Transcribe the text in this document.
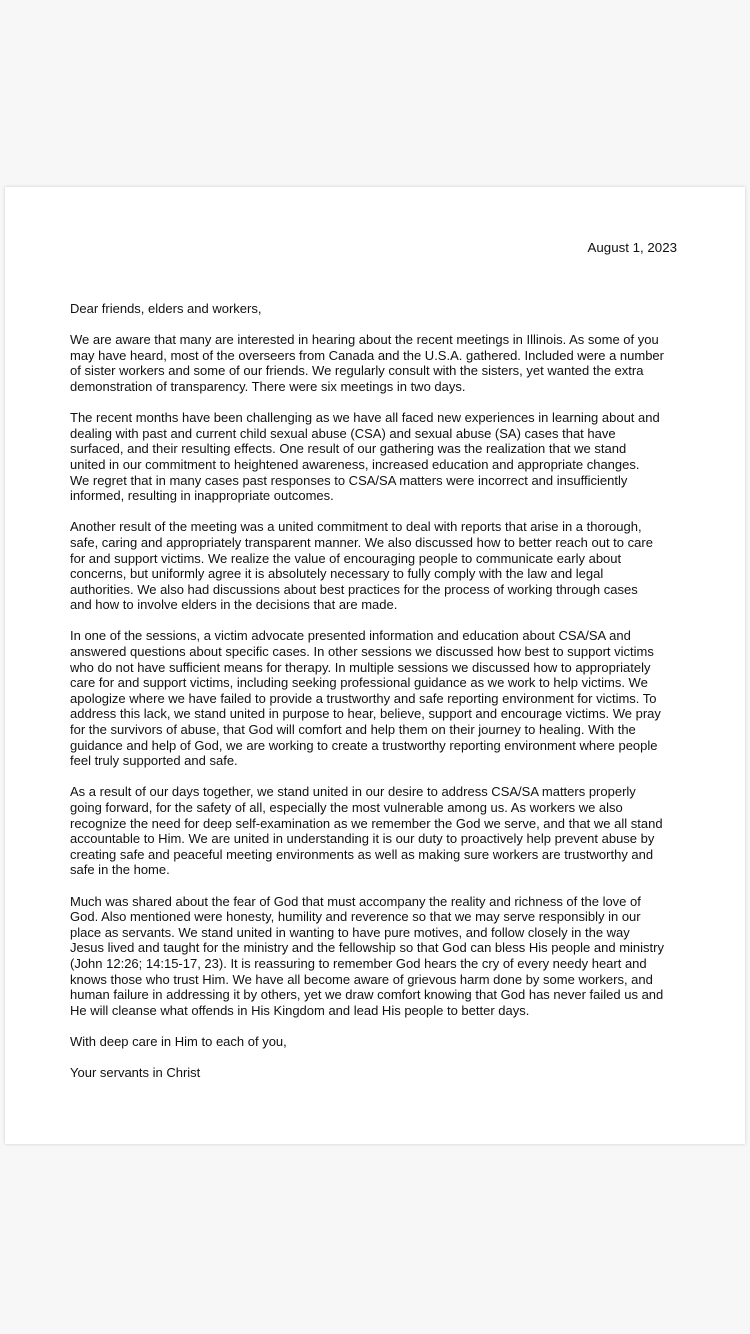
August 1, 2023

Dear friends, elders and workers,

We are aware that many are interested in hearing about the recent meetings in Illinois. As some of you

may have heard, most of the overseers from Canada and the U.S.A. gathered. Included were a number

of sister workers and some of our friends. We regularly consult with the sisters, yet wanted the extra

demonstration of transparency. There were six meetings in two days.

The recent months have been challenging as we have all faced new experiences in learning about and

dealing with past and current child sexual abuse (CSA) and sexual abuse (SA) cases that have

surfaced, and their resulting effects. One result of our gathering was the realization that we stand

united in our commitment to heightened awareness, increased education and appropriate changes.

We regret that in many cases past responses to CSA/SA matters were incorrect and insufficiently

informed, resulting in inappropriate outcomes.

Another result of the meeting was a united commitment to deal with reports that arise in a thorough,

safe, caring and appropriately transparent manner. We also discussed how to better reach out to care

for and support victims. We realize the value of encouraging people to communicate early about

concerns, but uniformly agree it is absolutely necessary to fully comply with the law and legal

authorities. We also had discussions about best practices for the process of working through cases

and how to involve elders in the decisions that are made.

In one of the sessions, a victim advocate presented information and education about CSA/SA and

answered questions about specific cases. In other sessions we discussed how best to support victims

who do not have sufficient means for therapy. In multiple sessions we discussed how to appropriately

care for and support victims, including seeking professional guidance as we work to help victims. We

apologize where we have failed to provide a trustworthy and safe reporting environment for victims. To

address this lack, we stand united in purpose to hear, believe, support and encourage victims. We pray

for the survivors of abuse, that God will comfort and help them on their journey to healing. With the

guidance and help of God, we are working to create a trustworthy reporting environment where people

feel truly supported and safe.

As a result of our days together, we stand united in our desire to address CSA/SA matters properly

going forward, for the safety of all, especially the most vulnerable among us. As workers we also

recognize the need for deep self-examination as we remember the God we serve, and that we all stand

accountable to Him. We are united in understanding it is our duty to proactively help prevent abuse by

creating safe and peaceful meeting environments as well as making sure workers are trustworthy and

safe in the home.

Much was shared about the fear of God that must accompany the reality and richness of the love of

God. Also mentioned were honesty, humility and reverence so that we may serve responsibly in our

place as servants. We stand united in wanting to have pure motives, and follow closely in the way

Jesus lived and taught for the ministry and the fellowship so that God can bless His people and ministry

(John 12:26; 14:15-17, 23). It is reassuring to remember God hears the cry of every needy heart and

knows those who trust Him. We have all become aware of grievous harm done by some workers, and

human failure in addressing it by others, yet we draw comfort knowing that God has never failed us and

He will cleanse what offends in His Kingdom and lead His people to better days.

With deep care in Him to each of you,

Your servants in Christ
